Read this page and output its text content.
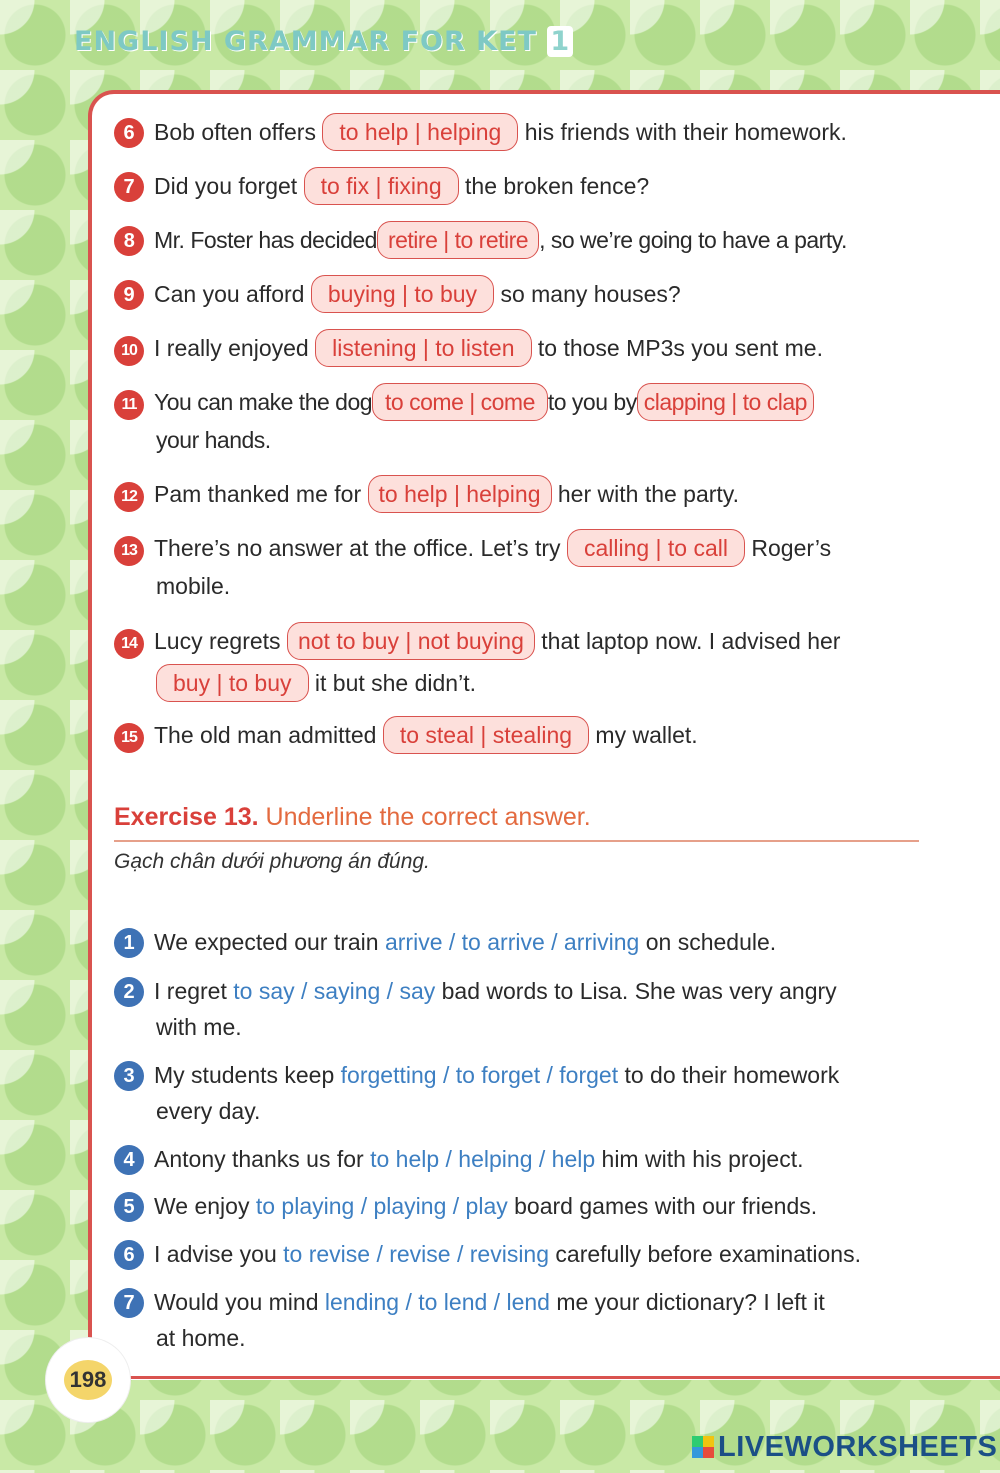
ENGLISH GRAMMAR FOR KET 1
6 Bob often offers to help | helping his friends with their homework.
7 Did you forget to fix | fixing the broken fence?
8 Mr. Foster has decided retire | to retire , so we’re going to have a party.
9 Can you afford buying | to buy so many houses?
10 I really enjoyed listening | to listen to those MP3s you sent me.
11 You can make the dog to come | come to you by clapping | to clap
your hands.
12 Pam thanked me for to help | helping her with the party.
13 There’s no answer at the office. Let’s try calling | to call Roger’s
mobile.
14 Lucy regrets not to buy | not buying that laptop now. I advised her
buy | to buy it but she didn’t.
15 The old man admitted to steal | stealing my wallet.
Exercise 13. Underline the correct answer.
Gạch chân dưới phương án đúng.
1 We expected our train arrive / to arrive / arriving on schedule.
2 I regret to say / saying / say bad words to Lisa. She was very angry
with me.
3 My students keep forgetting / to forget / forget to do their homework
every day.
4 Antony thanks us for to help / helping / help him with his project.
5 We enjoy to playing / playing / play board games with our friends.
6 I advise you to revise / revise / revising carefully before examinations.
7 Would you mind lending / to lend / lend me your dictionary? I left it
at home.
198
LIVEWORKSHEETS
